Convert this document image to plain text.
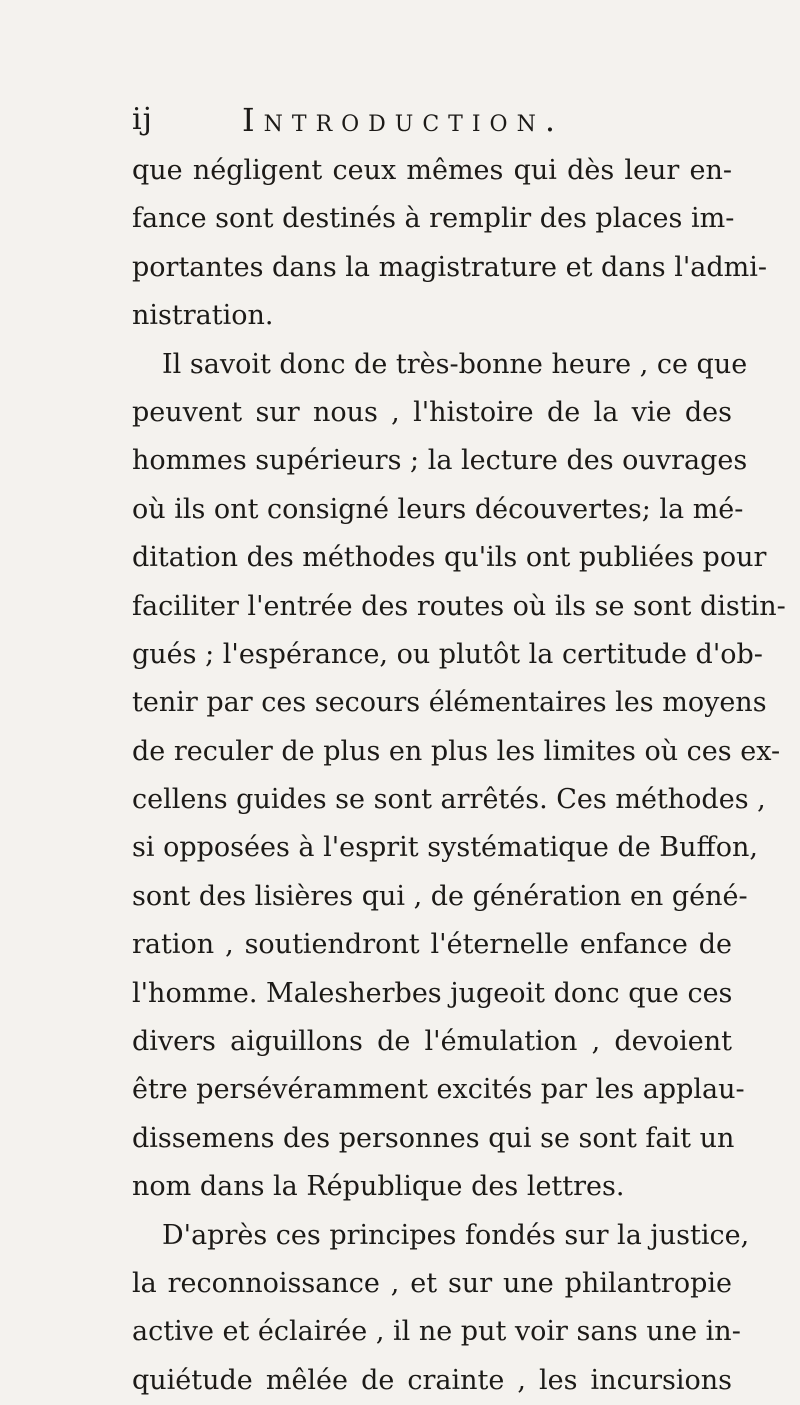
ij	Introduction.
que négligent ceux mêmes qui dès leur en-
fance sont destinés à remplir des places im-
portantes dans la magistrature et dans l'admi-
nistration.
Il savoit donc de très-bonne heure , ce que
peuvent sur nous , l'histoire de la vie des
hommes supérieurs ; la lecture des ouvrages
où ils ont consigné leurs découvertes; la mé-
ditation des méthodes qu'ils ont publiées pour
faciliter l'entrée des routes où ils se sont distin-
gués ; l'espérance, ou plutôt la certitude d'ob-
tenir par ces secours élémentaires les moyens
de reculer de plus en plus les limites où ces ex-
cellens guides se sont arrêtés. Ces méthodes ,
si opposées à l'esprit systématique de Buffon,
sont des lisières qui , de génération en géné-
ration , soutiendront l'éternelle enfance de
l'homme. Malesherbes jugeoit donc que ces
divers aiguillons de l'émulation , devoient
être persévéramment excités par les applau-
dissemens des personnes qui se sont fait un
nom dans la République des lettres.
D'après ces principes fondés sur la justice,
la reconnoissance , et sur une philantropie
active et éclairée , il ne put voir sans une in-
quiétude mêlée de crainte , les incursions
